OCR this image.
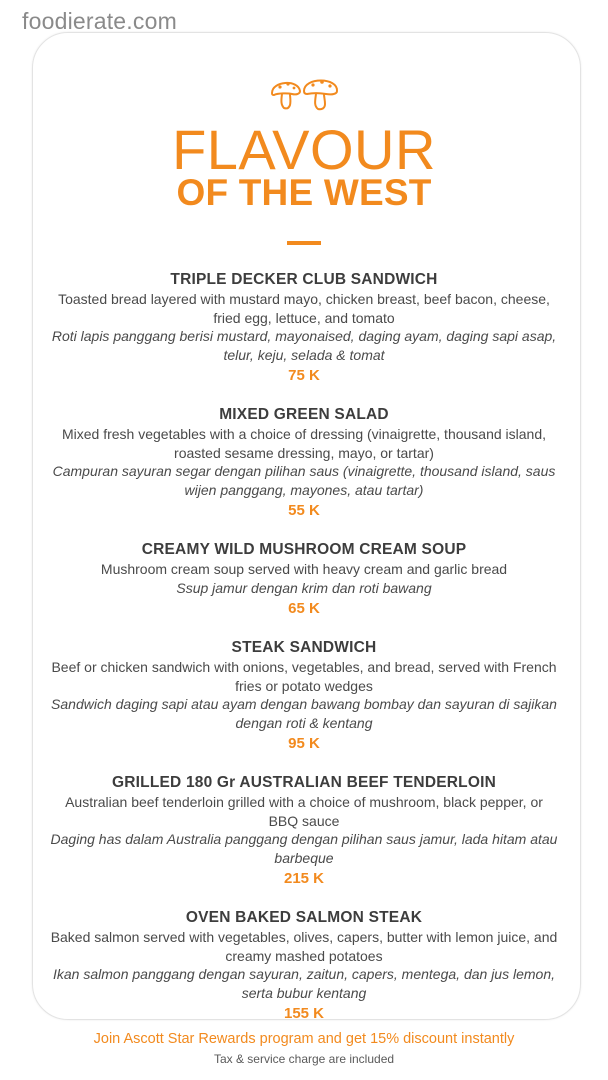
foodierate.com
FLAVOUR
OF THE WEST
TRIPLE DECKER CLUB SANDWICH
Toasted bread layered with mustard mayo, chicken breast, beef bacon, cheese, fried egg, lettuce, and tomato
Roti lapis panggang berisi mustard, mayonaised, daging ayam, daging sapi asap, telur, keju, selada & tomat
75 K
MIXED GREEN SALAD
Mixed fresh vegetables with a choice of dressing (vinaigrette, thousand island, roasted sesame dressing, mayo, or tartar)
Campuran sayuran segar dengan pilihan saus (vinaigrette, thousand island, saus wijen panggang, mayones, atau tartar)
55 K
CREAMY WILD MUSHROOM CREAM SOUP
Mushroom cream soup served with heavy cream and garlic bread
Ssup jamur dengan krim dan roti bawang
65 K
STEAK SANDWICH
Beef or chicken sandwich with onions, vegetables, and bread, served with French fries or potato wedges
Sandwich daging sapi atau ayam dengan bawang bombay dan sayuran di sajikan dengan roti & kentang
95 K
GRILLED 180 Gr AUSTRALIAN BEEF TENDERLOIN
Australian beef tenderloin grilled with a choice of mushroom, black pepper, or BBQ sauce
Daging has dalam Australia panggang dengan pilihan saus jamur, lada hitam atau barbeque
215 K
OVEN BAKED SALMON STEAK
Baked salmon served with vegetables, olives, capers, butter with lemon juice, and creamy mashed potatoes
Ikan salmon panggang dengan sayuran, zaitun, capers, mentega, dan jus lemon, serta bubur kentang
155 K
Join Ascott Star Rewards program and get 15% discount instantly
Tax & service charge are included
